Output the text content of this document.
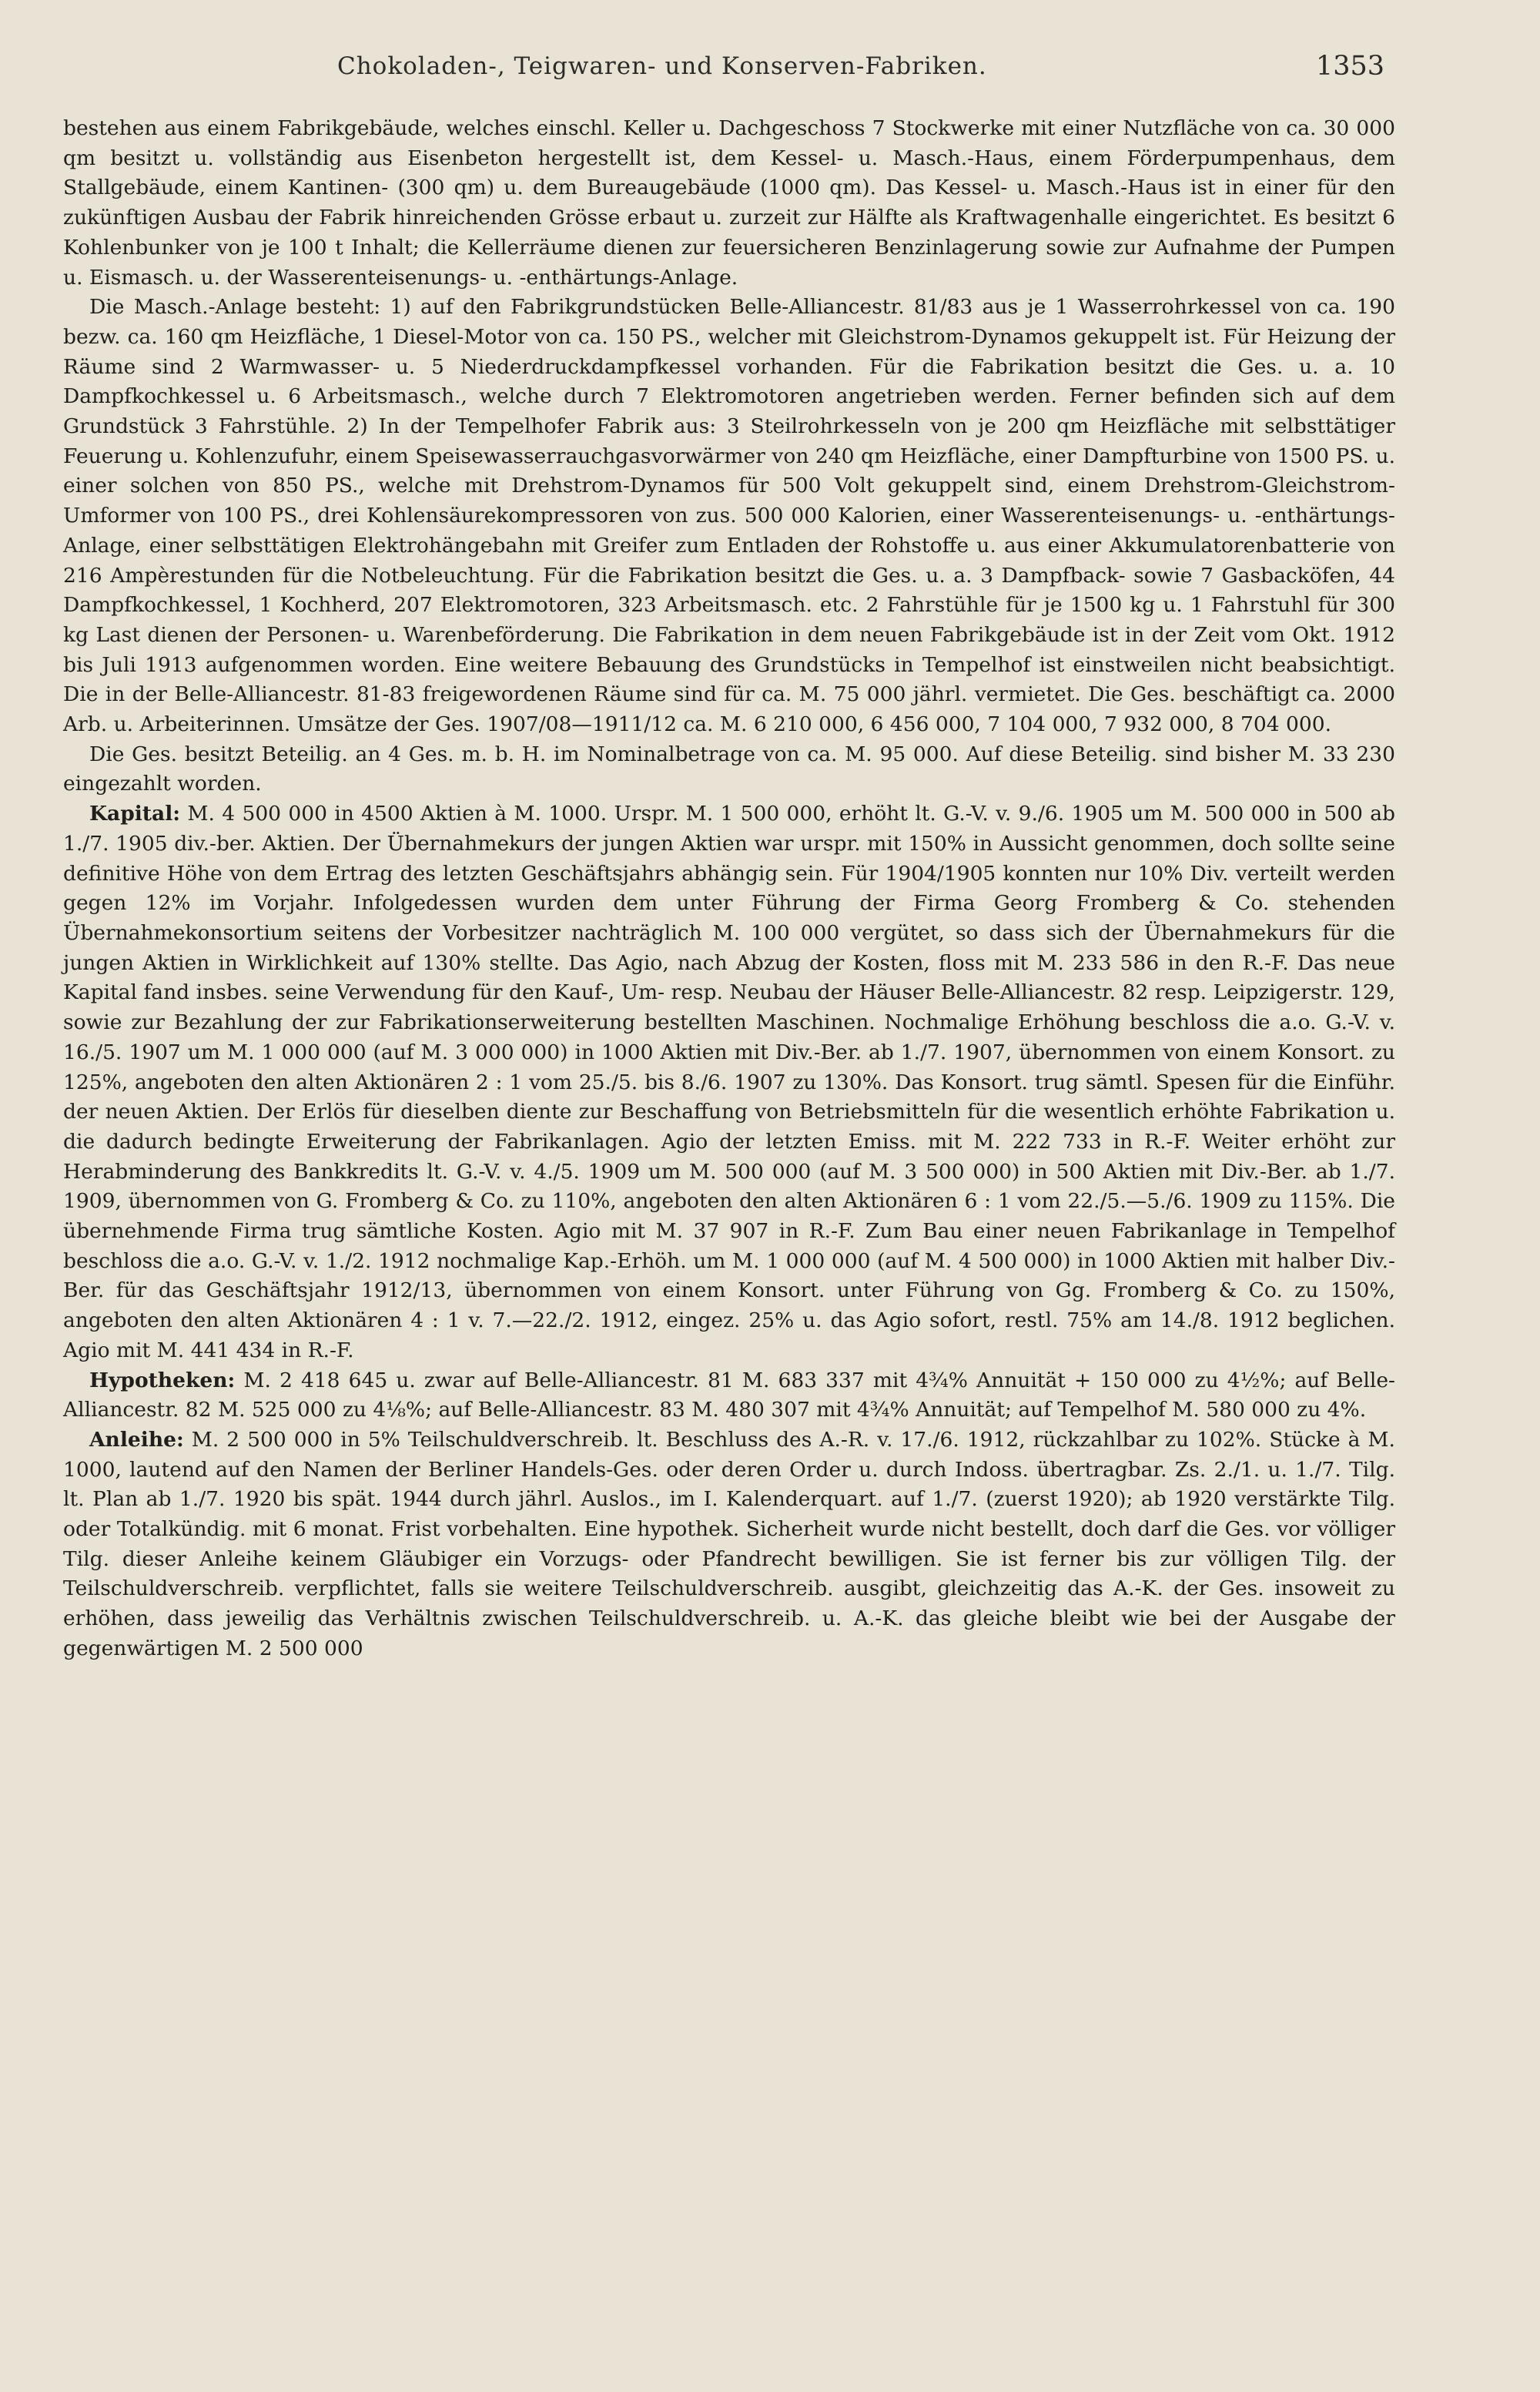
Chokoladen-, Teigwaren- und Konserven-Fabriken.	1353

bestehen aus einem Fabrikgebäude, welches einschl. Keller u. Dachgeschoss 7 Stockwerke mit einer Nutzfläche von ca. 30 000 qm besitzt u. vollständig aus Eisenbeton hergestellt ist, dem Kessel- u. Masch.-Haus, einem Förderpumpenhaus, dem Stallgebäude, einem Kantinen- (300 qm) u. dem Bureaugebäude (1000 qm). Das Kessel- u. Masch.-Haus ist in einer für den zukünftigen Ausbau der Fabrik hinreichenden Grösse erbaut u. zurzeit zur Hälfte als Kraftwagenhalle eingerichtet. Es besitzt 6 Kohlenbunker von je 100 t Inhalt; die Kellerräume dienen zur feuersicheren Benzinlagerung sowie zur Aufnahme der Pumpen u. Eismasch. u. der Wasserenteisenungs- u. -enthärtungs-Anlage.

Die Masch.-Anlage besteht: 1) auf den Fabrikgrundstücken Belle-Alliancestr. 81/83 aus je 1 Wasserrohrkessel von ca. 190 bezw. ca. 160 qm Heizfläche, 1 Diesel-Motor von ca. 150 PS., welcher mit Gleichstrom-Dynamos gekuppelt ist. Für Heizung der Räume sind 2 Warmwasser- u. 5 Niederdruckdampfkessel vorhanden. Für die Fabrikation besitzt die Ges. u. a. 10 Dampfkochkessel u. 6 Arbeitsmasch., welche durch 7 Elektromotoren angetrieben werden. Ferner befinden sich auf dem Grundstück 3 Fahrstühle. 2) In der Tempelhofer Fabrik aus: 3 Steilrohrkesseln von je 200 qm Heizfläche mit selbsttätiger Feuerung u. Kohlenzufuhr, einem Speisewasserrauchgasvorwärmer von 240 qm Heizfläche, einer Dampfturbine von 1500 PS. u. einer solchen von 850 PS., welche mit Drehstrom-Dynamos für 500 Volt gekuppelt sind, einem Drehstrom-Gleichstrom-Umformer von 100 PS., drei Kohlensäurekompressoren von zus. 500 000 Kalorien, einer Wasserenteisenungs- u. -enthärtungs-Anlage, einer selbsttätigen Elektrohängebahn mit Greifer zum Entladen der Rohstoffe u. aus einer Akkumulatorenbatterie von 216 Ampèrestunden für die Notbeleuchtung. Für die Fabrikation besitzt die Ges. u. a. 3 Dampfback- sowie 7 Gasbacköfen, 44 Dampfkochkessel, 1 Kochherd, 207 Elektromotoren, 323 Arbeitsmasch. etc. 2 Fahrstühle für je 1500 kg u. 1 Fahrstuhl für 300 kg Last dienen der Personen- u. Warenbeförderung. Die Fabrikation in dem neuen Fabrikgebäude ist in der Zeit vom Okt. 1912 bis Juli 1913 aufgenommen worden. Eine weitere Bebauung des Grundstücks in Tempelhof ist einstweilen nicht beabsichtigt. Die in der Belle-Alliancestr. 81-83 freigewordenen Räume sind für ca. M. 75 000 jährl. vermietet. Die Ges. beschäftigt ca. 2000 Arb. u. Arbeiterinnen. Umsätze der Ges. 1907/08—1911/12 ca. M. 6 210 000, 6 456 000, 7 104 000, 7 932 000, 8 704 000.

Die Ges. besitzt Beteilig. an 4 Ges. m. b. H. im Nominalbetrage von ca. M. 95 000. Auf diese Beteilig. sind bisher M. 33 230 eingezahlt worden.

Kapital: M. 4 500 000 in 4500 Aktien à M. 1000. Urspr. M. 1 500 000, erhöht lt. G.-V. v. 9./6. 1905 um M. 500 000 in 500 ab 1./7. 1905 div.-ber. Aktien. Der Übernahmekurs der jungen Aktien war urspr. mit 150% in Aussicht genommen, doch sollte seine definitive Höhe von dem Ertrag des letzten Geschäftsjahrs abhängig sein. Für 1904/1905 konnten nur 10% Div. verteilt werden gegen 12% im Vorjahr. Infolgedessen wurden dem unter Führung der Firma Georg Fromberg & Co. stehenden Übernahmekonsortium seitens der Vorbesitzer nachträglich M. 100 000 vergütet, so dass sich der Übernahmekurs für die jungen Aktien in Wirklichkeit auf 130% stellte. Das Agio, nach Abzug der Kosten, floss mit M. 233 586 in den R.-F. Das neue Kapital fand insbes. seine Verwendung für den Kauf-, Um- resp. Neubau der Häuser Belle-Alliancestr. 82 resp. Leipzigerstr. 129, sowie zur Bezahlung der zur Fabrikationserweiterung bestellten Maschinen. Nochmalige Erhöhung beschloss die a.o. G.-V. v. 16./5. 1907 um M. 1 000 000 (auf M. 3 000 000) in 1000 Aktien mit Div.-Ber. ab 1./7. 1907, übernommen von einem Konsort. zu 125%, angeboten den alten Aktionären 2 : 1 vom 25./5. bis 8./6. 1907 zu 130%. Das Konsort. trug sämtl. Spesen für die Einführ. der neuen Aktien. Der Erlös für dieselben diente zur Beschaffung von Betriebsmitteln für die wesentlich erhöhte Fabrikation u. die dadurch bedingte Erweiterung der Fabrikanlagen. Agio der letzten Emiss. mit M. 222 733 in R.-F. Weiter erhöht zur Herabminderung des Bankkredits lt. G.-V. v. 4./5. 1909 um M. 500 000 (auf M. 3 500 000) in 500 Aktien mit Div.-Ber. ab 1./7. 1909, übernommen von G. Fromberg & Co. zu 110%, angeboten den alten Aktionären 6 : 1 vom 22./5.—5./6. 1909 zu 115%. Die übernehmende Firma trug sämtliche Kosten. Agio mit M. 37 907 in R.-F. Zum Bau einer neuen Fabrikanlage in Tempelhof beschloss die a.o. G.-V. v. 1./2. 1912 nochmalige Kap.-Erhöh. um M. 1 000 000 (auf M. 4 500 000) in 1000 Aktien mit halber Div.-Ber. für das Geschäftsjahr 1912/13, übernommen von einem Konsort. unter Führung von Gg. Fromberg & Co. zu 150%, angeboten den alten Aktionären 4 : 1 v. 7.—22./2. 1912, eingez. 25% u. das Agio sofort, restl. 75% am 14./8. 1912 beglichen. Agio mit M. 441 434 in R.-F.

Hypotheken: M. 2 418 645 u. zwar auf Belle-Alliancestr. 81 M. 683 337 mit 4¾% Annuität + 150 000 zu 4½%; auf Belle-Alliancestr. 82 M. 525 000 zu 4⅛%; auf Belle-Alliancestr. 83 M. 480 307 mit 4¾% Annuität; auf Tempelhof M. 580 000 zu 4%.

Anleihe: M. 2 500 000 in 5% Teilschuldverschreib. lt. Beschluss des A.-R. v. 17./6. 1912, rückzahlbar zu 102%. Stücke à M. 1000, lautend auf den Namen der Berliner Handels-Ges. oder deren Order u. durch Indoss. übertragbar. Zs. 2./1. u. 1./7. Tilg. lt. Plan ab 1./7. 1920 bis spät. 1944 durch jährl. Auslos., im I. Kalenderquart. auf 1./7. (zuerst 1920); ab 1920 verstärkte Tilg. oder Totalkündig. mit 6 monat. Frist vorbehalten. Eine hypothek. Sicherheit wurde nicht bestellt, doch darf die Ges. vor völliger Tilg. dieser Anleihe keinem Gläubiger ein Vorzugs- oder Pfandrecht bewilligen. Sie ist ferner bis zur völligen Tilg. der Teilschuldverschreib. verpflichtet, falls sie weitere Teilschuldverschreib. ausgibt, gleichzeitig das A.-K. der Ges. insoweit zu erhöhen, dass jeweilig das Verhältnis zwischen Teilschuldverschreib. u. A.-K. das gleiche bleibt wie bei der Ausgabe der gegenwärtigen M. 2 500 000
